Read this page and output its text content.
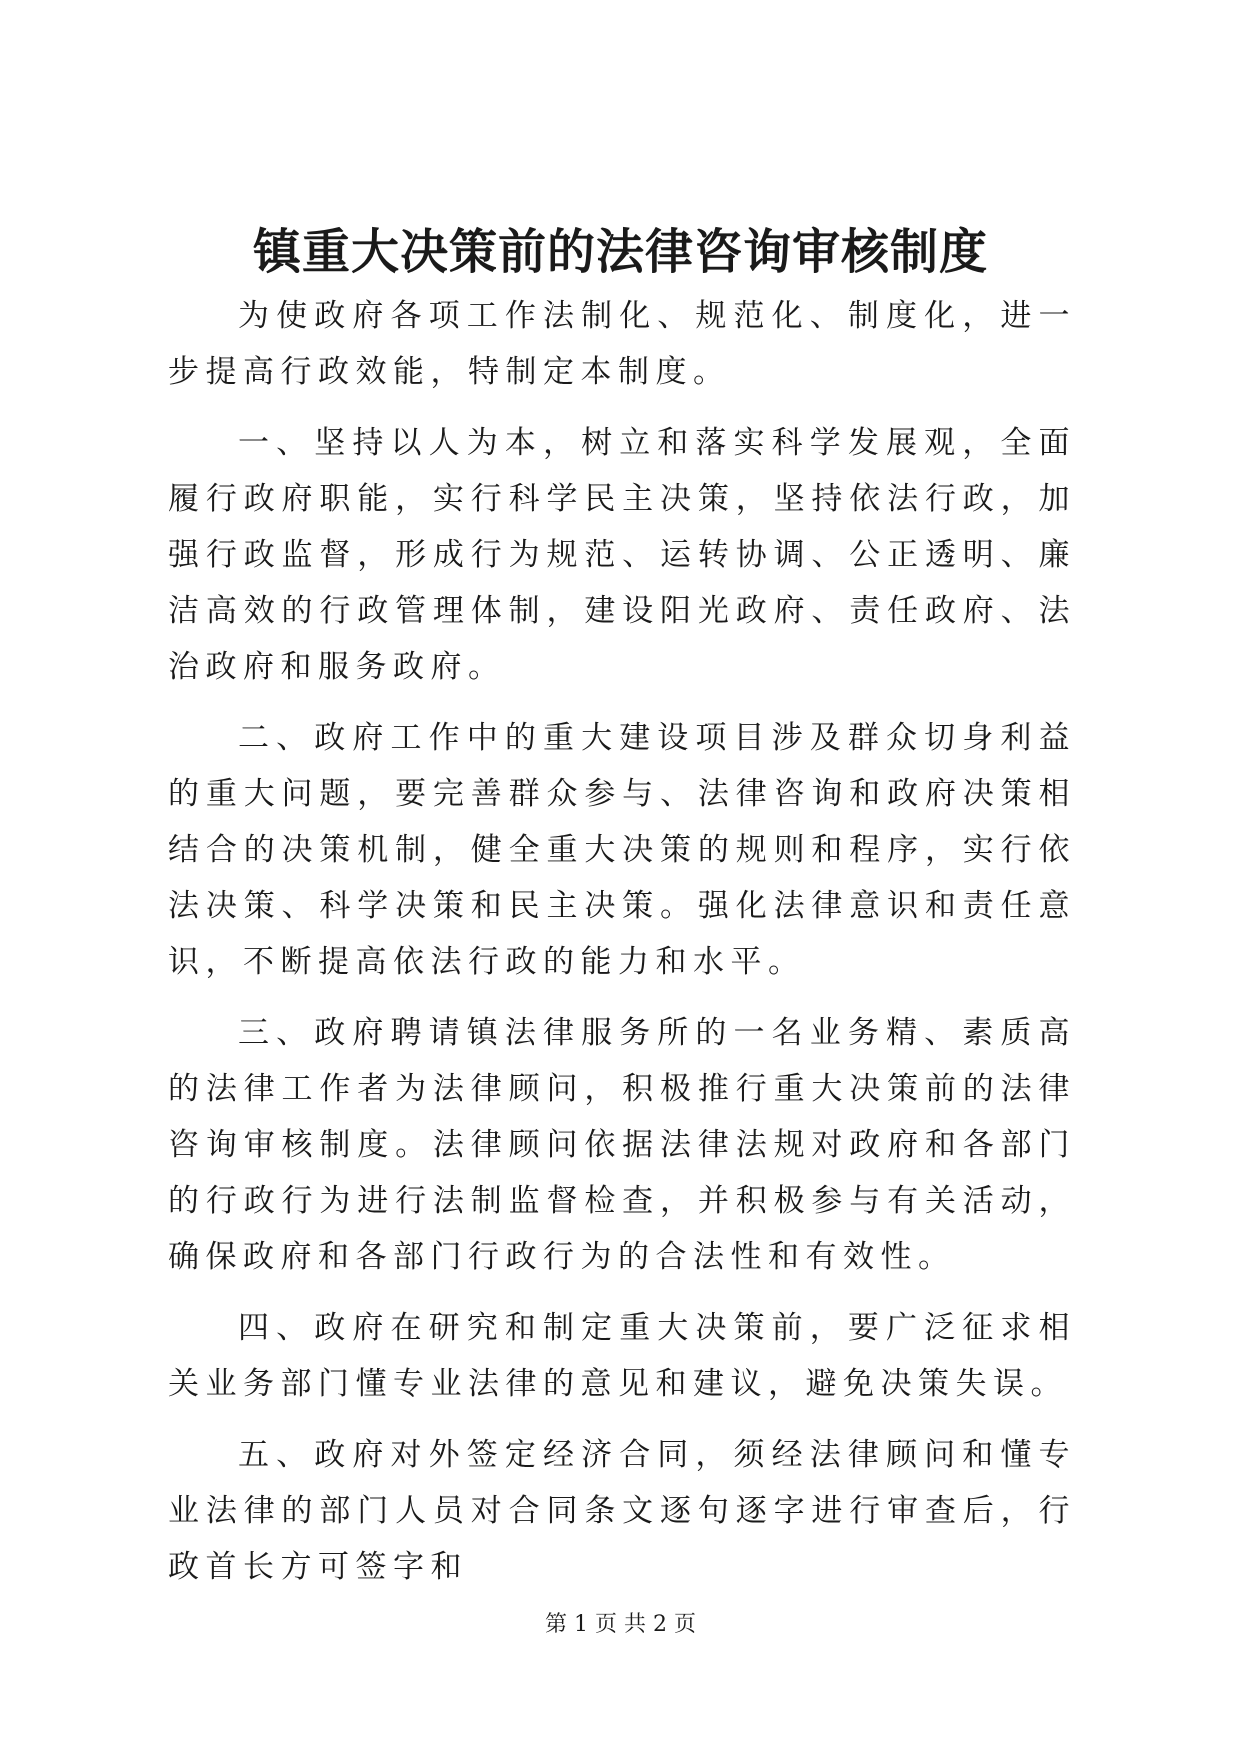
镇重大决策前的法律咨询审核制度

为使政府各项工作法制化、规范化、制度化，进一步提高行政效能，特制定本制度。

一、坚持以人为本，树立和落实科学发展观，全面履行政府职能，实行科学民主决策，坚持依法行政，加强行政监督，形成行为规范、运转协调、公正透明、廉洁高效的行政管理体制，建设阳光政府、责任政府、法治政府和服务政府。

二、政府工作中的重大建设项目涉及群众切身利益的重大问题，要完善群众参与、法律咨询和政府决策相结合的决策机制，健全重大决策的规则和程序，实行依法决策、科学决策和民主决策。强化法律意识和责任意识，不断提高依法行政的能力和水平。

三、政府聘请镇法律服务所的一名业务精、素质高的法律工作者为法律顾问，积极推行重大决策前的法律咨询审核制度。法律顾问依据法律法规对政府和各部门的行政行为进行法制监督检查，并积极参与有关活动，确保政府和各部门行政行为的合法性和有效性。

四、政府在研究和制定重大决策前，要广泛征求相关业务部门懂专业法律的意见和建议，避免决策失误。

五、政府对外签定经济合同，须经法律顾问和懂专业法律的部门人员对合同条文逐句逐字进行审查后，行政首长方可签字和

第 1 页 共 2 页
